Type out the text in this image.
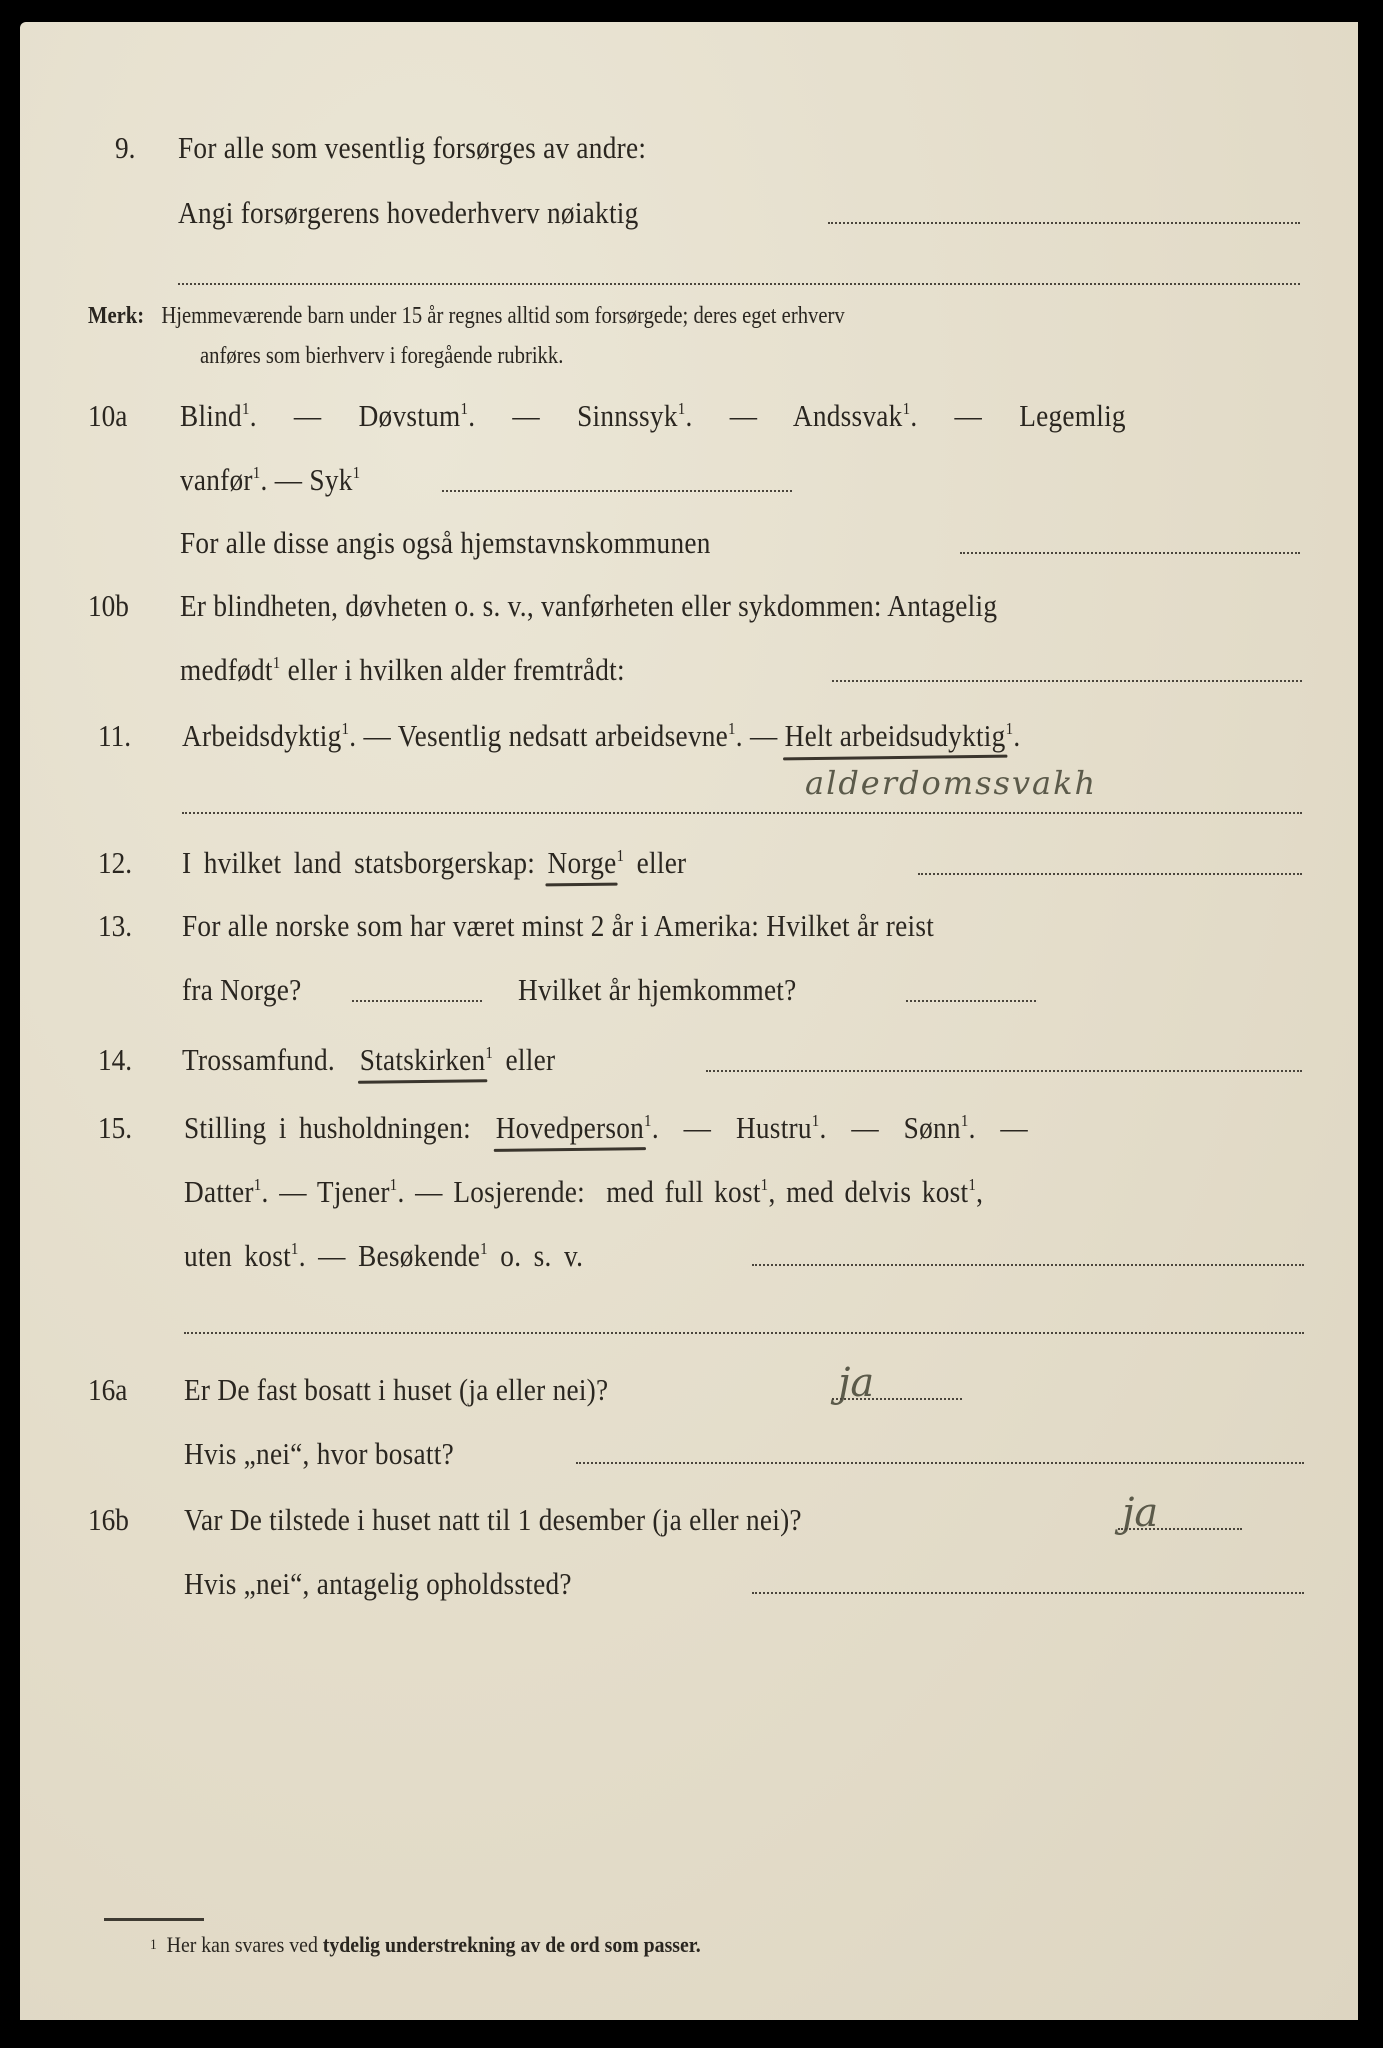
9. For alle som vesentlig forsørges av andre:
Angi forsørgerens hovederhverv nøiaktig
Merk: Hjemmeværende barn under 15 år regnes alltid som forsørgede; deres eget erhverv
anføres som bierhverv i foregående rubrikk.
10a Blind$^1$. — Døvstum$^1$. — Sinnssyk$^1$. — Andssvak$^1$. — Legemlig
vanfør$^1$. — Syk$^1$
For alle disse angis også hjemstavnskommunen
10b Er blindheten, døvheten o. s. v., vanførheten eller sykdommen: Antagelig
medfødt$^1$ eller i hvilken alder fremtrådt:
11. Arbeidsdyktig$^1$. — Vesentlig nedsatt arbeidsevne$^1$. — Helt arbeidsudyktig$^1$.
alderdomssvakh
12. I hvilket land statsborgerskap: Norge$^1$ eller
13. For alle norske som har været minst 2 år i Amerika: Hvilket år reist
fra Norge?	Hvilket år hjemkommet?
14. Trossamfund. Statskirken$^1$ eller
15. Stilling i husholdningen: Hovedperson$^1$.  — Hustru$^1$. — Sønn$^1$. —
Datter$^1$. — Tjener$^1$. — Losjerende: med full kost$^1$, med delvis kost$^1$,
uten kost$^1$. — Besøkende$^1$ o. s. v.
16a Er De fast bosatt i huset (ja eller nei)?	ja
Hvis „nei“, hvor bosatt?
16b Var De tilstede i huset natt til 1 desember (ja eller nei)?	ja
Hvis „nei“, antagelig opholdssted?
1 Her kan svares ved tydelig understrekning av de ord som passer.
